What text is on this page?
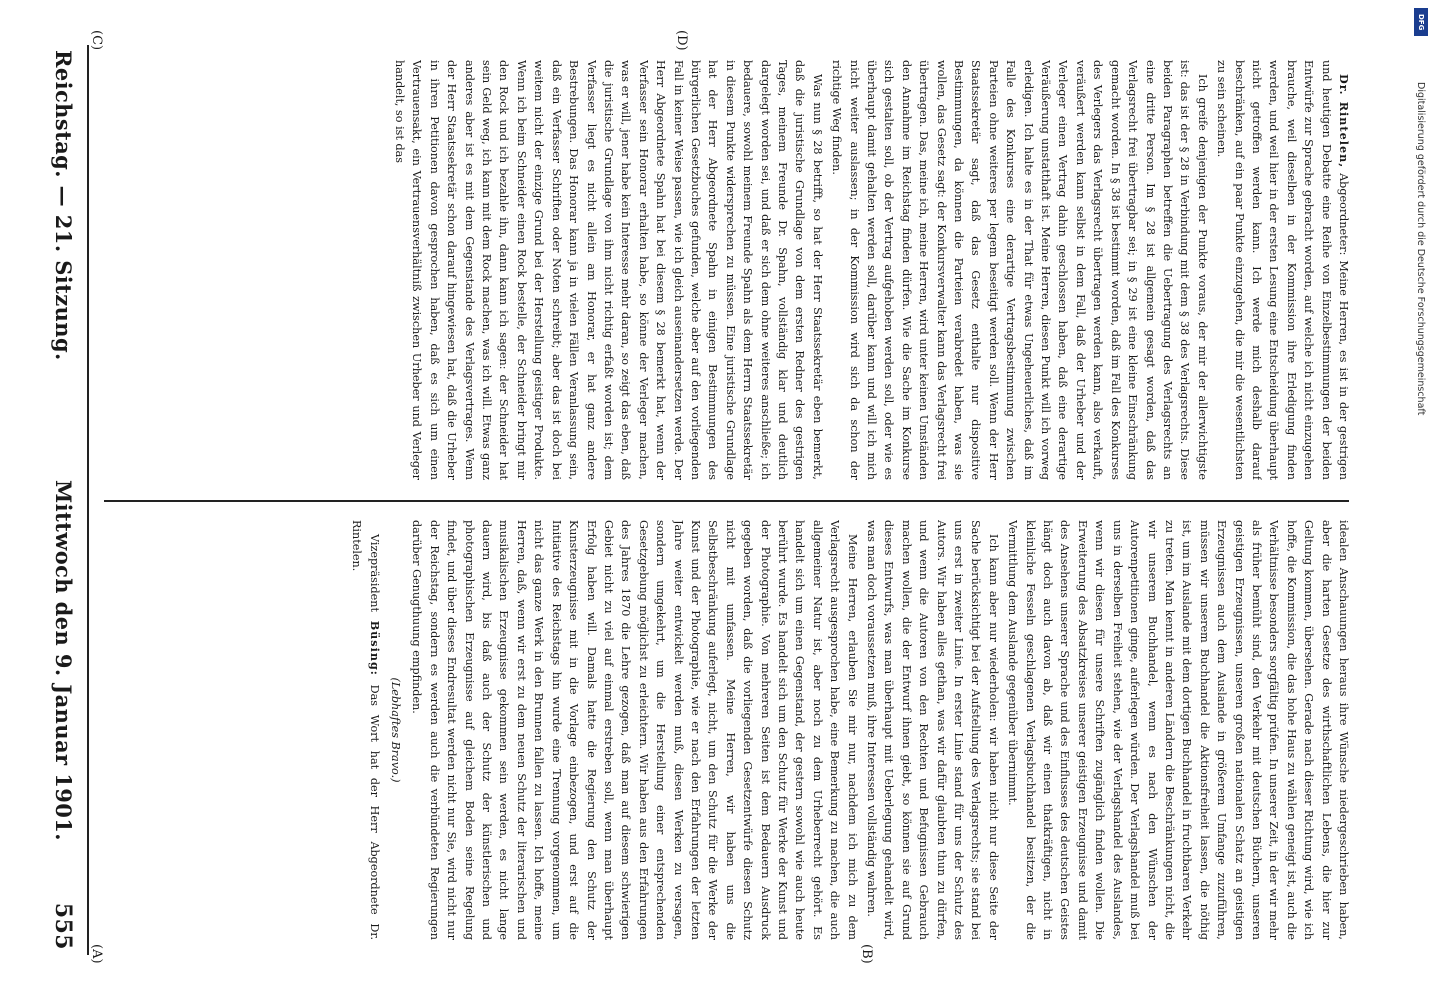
Reichstag. — 21. Sitzung.
Mittwoch den 9. Januar 1901.
555
(A)	(B)
(C)	(D)

idealen Anschauungen heraus ihre Wünsche niedergeschrieben haben, aber die harten Gesetze des wirthschaftlichen Lebens, die hier zur Geltung kommen, übersehen. Gerade nach dieser Richtung wird, wie ich hoffe, die Kommission, die das hohe Haus zu wählen geneigt ist, auch die Verhältnisse besonders sorgfältig prüfen. In unserer Zeit, in der wir mehr als früher bemüht sind, den Verkehr mit deutschen Büchern, unseren geistigen Erzeugnissen, unseren großen nationalen Schatz an geistigen Erzeugnissen auch dem Auslande in größerem Umfange zuzuführen, müssen wir unserem Buchhandel die Aktionsfreiheit lassen, die nöthig ist, um im Auslande mit dem dortigen Buchhandel in fruchtbaren Verkehr zu treten. Man kennt in anderen Ländern die Beschränkungen nicht, die wir unserem Buchhandel, wenn es nach den Wünschen der Autorenpetitionen ginge, auferlegen würden. Der Verlagshandel muß bei uns in derselben Freiheit stehen, wie der Verlagshandel des Auslandes, wenn wir diesen für unsere Schriften zugänglich finden wollen. Die Erweiterung des Absatzkreises unserer geistigen Erzeugnisse und damit des Ansehens unserer Sprache und des Einflusses des deutschen Geistes hängt doch auch davon ab, daß wir einen thatkräftigen, nicht in kleinliche Fesseln geschlagenen Verlagsbuchhandel besitzen, der die Vermittlung dem Auslande gegenüber übernimmt.

Ich kann aber nur wiederholen: wir haben nicht nur diese Seite der Sache berücksichtigt bei der Aufstellung des Verlagsrechts; sie stand bei uns erst in zweiter Linie. In erster Linie stand für uns der Schutz des Autors. Wir haben alles gethan, was wir dafür glaubten thun zu dürfen, und wenn die Autoren von den Rechten und Befugnissen Gebrauch machen wollen, die der Entwurf ihnen giebt, so können sie auf Grund dieses Entwurfs, was man überhaupt mit Ueberlegung gehandelt wird, was man doch voraussetzen muß, ihre Interessen vollständig wahren.

Meine Herren, erlauben Sie mir nur, nachdem ich mich zu dem Verlagsrecht ausgesprochen habe, eine Bemerkung zu machen, die auch allgemeiner Natur ist, aber noch zu dem Urheberrecht gehört. Es handelt sich um einen Gegenstand, der gestern sowohl wie auch heute berührt wurde. Es handelt sich um den Schutz für Werke der Kunst und der Photographie. Von mehreren Seiten ist dem Bedauern Ausdruck gegeben worden, daß die vorliegenden Gesetzentwürfe diesen Schutz nicht mit umfassen. Meine Herren, wir haben uns die Selbstbeschränkung auferlegt, nicht, um den Schutz für die Werke der Kunst und der Photographie, wie er nach den Erfahrungen der letzten Jahre weiter entwickelt werden muß, diesen Werken zu versagen, sondern umgekehrt, um die Herstellung einer entsprechenden Gesetzgebung möglichst zu erleichtern. Wir haben aus den Erfahrungen des Jahres 1870 die Lehre gezogen, daß man auf diesem schwierigen Gebiet nicht zu viel auf einmal erstreben soll, wenn man überhaupt Erfolg haben will. Damals hatte die Regierung den Schutz der Kunsterzeugnisse mit in die Vorlage einbezogen, und erst auf die Initiative des Reichstags hin wurde eine Trennung vorgenommen, um nicht das ganze Werk in den Brunnen fallen zu lassen. Ich hoffe, meine Herren, daß, wenn wir erst zu dem neuen Schutz der literarischen und musikalischen Erzeugnisse gekommen sein werden, es nicht lange dauern wird, bis daß auch der Schutz der künstlerischen und photographischen Erzeugnisse auf gleichem Boden seine Regelung findet, und über dieses Endresultat werden nicht nur Sie, wird nicht nur der Reichstag, sondern es werden auch die verbündeten Regierungen darüber Genugthuung empfinden.

(Lebhaftes Bravo.)

Vizepräsident Büsing: Das Wort hat der Herr Abgeordnete Dr. Rintelen.

Dr. Rintelen, Abgeordneter: Meine Herren, es ist in der gestrigen und heutigen Debatte eine Reihe von Einzelbestimmungen der beiden Entwürfe zur Sprache gebracht worden, auf welche ich nicht einzugehen brauche, weil dieselben in der Kommission ihre Erledigung finden werden, und weil hier in der ersten Lesung eine Entscheidung überhaupt nicht getroffen werden kann. Ich werde mich deshalb darauf beschränken, auf ein paar Punkte einzugehen, die mir die wesentlichsten zu sein scheinen.

Ich greife denjenigen der Punkte voraus, der mir der allerwichtigste ist: das ist der § 28 in Verbindung mit dem § 38 des Verlagsrechts. Diese beiden Paragraphen betreffen die Uebertragung des Verlagsrechts an eine dritte Person. Im § 28 ist allgemein gesagt worden, daß das Verlagsrecht frei übertragbar sei; in § 29 ist eine kleine Einschränkung gemacht worden. In § 38 ist bestimmt worden, daß im Fall des Konkurses des Verlegers das Verlagsrecht übertragen werden kann, also verkauft, veräußert werden kann selbst in dem Fall, daß der Urheber und der Verleger einen Vertrag dahin geschlossen haben, daß eine derartige Veräußerung unstatthaft ist. Meine Herren, diesen Punkt will ich vorweg erledigen. Ich halte es in der That für etwas Ungeheuerliches, daß im Falle des Konkurses eine derartige Vertragsbestimmung zwischen Parteien ohne weiteres per legem beseitigt werden soll. Wenn der Herr Staatssekretär sagt, daß das Gesetz enthalte nur dispositive Bestimmungen, da können die Parteien verabredet haben, was sie wollen, das Gesetz sagt: der Konkursverwalter kann das Verlagsrecht frei übertragen. Das, meine ich, meine Herren, wird unter keinen Umständen den Annahme im Reichstag finden dürfen. Wie die Sache im Konkurse sich gestalten soll, ob der Vertrag aufgehoben werden soll, oder wie es überhaupt damit gehalten werden soll, darüber kann und will ich mich nicht weiter auslassen; in der Kommission wird sich da schon der richtige Weg finden.

Was nun § 28 betrifft, so hat der Herr Staatssekretär eben bemerkt, daß die juristische Grundlage von dem ersten Redner des gestrigen Tages, meinem Freunde Dr. Spahn, vollständig klar und deutlich dargelegt worden sei, und daß er sich dem ohne weiteres anschließe; ich bedauere, sowohl meinem Freunde Spahn als dem Herrn Staatssekretär in diesem Punkte widersprechen zu müssen. Eine juristische Grundlage hat der Herr Abgeordnete Spahn in einigen Bestimmungen des bürgerlichen Gesetzbuches gefunden, welche aber auf den vorliegenden Fall in keiner Weise passen, wie ich gleich auseinandersetzen werde. Der Herr Abgeordnete Spahn hat bei diesem § 28 bemerkt hat, wenn der Verfasser sein Honorar erhalten habe, so könne der Verleger machen, was er will, jener habe kein Interesse mehr daran, so zeigt das eben, daß die juristische Grundlage von ihm nicht richtig erfaßt worden ist; dem Verfasser liegt es nicht allein am Honorar, er hat ganz andere Bestrebungen. Das Honorar kann ja in vielen Fällen Veranlassung sein, daß ein Verfasser Schriften oder Noten schreibt; aber das ist doch bei weitem nicht der einzige Grund bei der Herstellung geistiger Produkte. Wenn ich beim Schneider einen Rock bestelle, der Schneider bringt mir den Rock und ich bezahle ihn, dann kann ich sagen: der Schneider hat sein Geld weg, ich kann mit dem Rock machen, was ich will. Etwas ganz anderes aber ist es mit dem Gegenstande des Verlagsvertrages. Wenn der Herr Staatssekretär schon darauf hingewiesen hat, daß die Urheber in ihren Petitionen davon gesprochen haben, daß es sich um einen Vertrauensakt, ein Vertrauensverhältniß zwischen Urheber und Verleger handelt, so ist das

DFG
Digitalisierung gefördert durch die Deutsche Forschungsgemeinschaft
